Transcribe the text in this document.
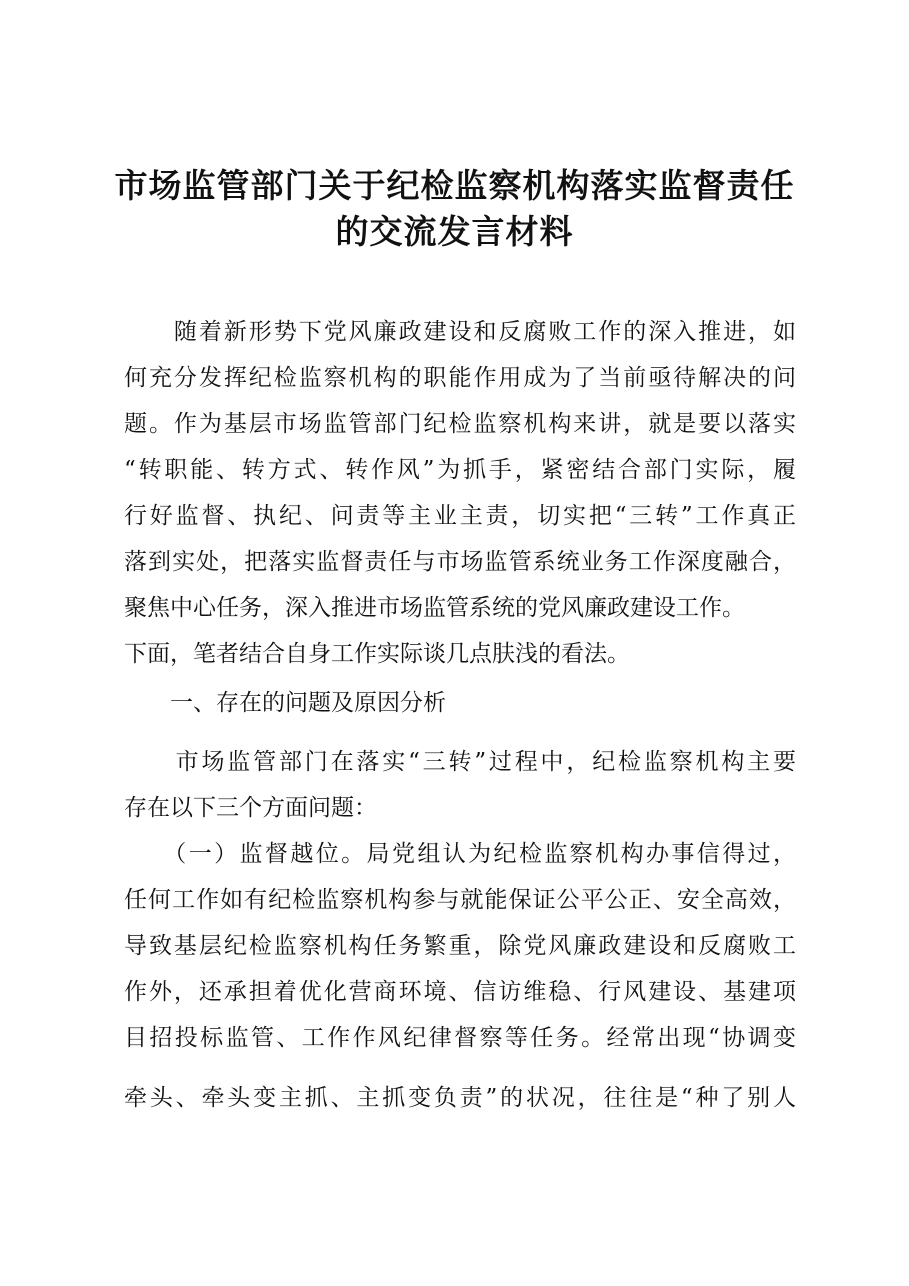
市场监管部门关于纪检监察机构落实监督责任
的交流发言材料
　　随着新形势下党风廉政建设和反腐败工作的深入推进，如
何充分发挥纪检监察机构的职能作用成为了当前亟待解决的问
题。作为基层市场监管部门纪检监察机构来讲，就是要以落实
“转职能、转方式、转作风”为抓手，紧密结合部门实际，履
行好监督、执纪、问责等主业主责，切实把“三转”工作真正
落到实处，把落实监督责任与市场监管系统业务工作深度融合，
聚焦中心任务，深入推进市场监管系统的党风廉政建设工作。
下面，笔者结合自身工作实际谈几点肤浅的看法。
　　一、存在的问题及原因分析
　　市场监管部门在落实“三转”过程中，纪检监察机构主要
存在以下三个方面问题：
　　（一）监督越位。局党组认为纪检监察机构办事信得过，
任何工作如有纪检监察机构参与就能保证公平公正、安全高效，
导致基层纪检监察机构任务繁重，除党风廉政建设和反腐败工
作外，还承担着优化营商环境、信访维稳、行风建设、基建项
目招投标监管、工作作风纪律督察等任务。经常出现“协调变
牵头、牵头变主抓、主抓变负责”的状况，往往是“种了别人
